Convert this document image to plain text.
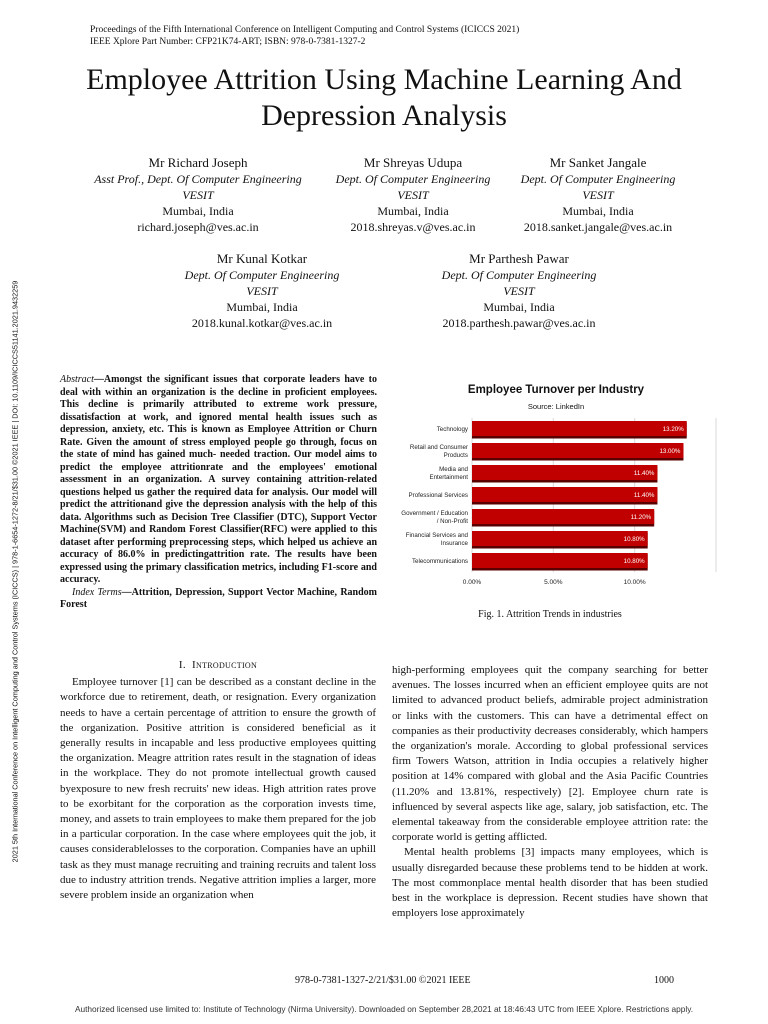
Proceedings of the Fifth International Conference on Intelligent Computing and Control Systems (ICICCS 2021)
IEEE Xplore Part Number: CFP21K74-ART; ISBN: 978-0-7381-1327-2
2021 5th International Conference on Intelligent Computing and Control Systems (ICICCS) | 978-1-6654-1272-8/21/$31.00 ©2021 IEEE | DOI: 10.1109/ICICCS51141.2021.9432259
Employee Attrition Using Machine Learning And
Depression Analysis
Mr Richard Joseph
Asst Prof., Dept. Of Computer Engineering
VESIT
Mumbai, India
richard.joseph@ves.ac.in
Mr Shreyas Udupa
Dept. Of Computer Engineering
VESIT
Mumbai, India
2018.shreyas.v@ves.ac.in
Mr Sanket Jangale
Dept. Of Computer Engineering
VESIT
Mumbai, India
2018.sanket.jangale@ves.ac.in
Mr Kunal Kotkar
Dept. Of Computer Engineering
VESIT
Mumbai, India
2018.kunal.kotkar@ves.ac.in
Mr Parthesh Pawar
Dept. Of Computer Engineering
VESIT
Mumbai, India
2018.parthesh.pawar@ves.ac.in
Abstract—Amongst the significant issues that corporate leaders have to deal with within an organization is the decline in proficient employees. This decline is primarily attributed to extreme work pressure, dissatisfaction at work, and ignored mental health issues such as depression, anxiety, etc. This is known as Employee Attrition or Churn Rate. Given the amount of stress employed people go through, focus on the state of mind has gained much- needed traction. Our model aims to predict the employee attritionrate and the employees' emotional assessment in an organization. A survey containing attrition-related questions helped us gather the required data for analysis. Our model will predict the attritionand give the depression analysis with the help of this data. Algorithms such as Decision Tree Classifier (DTC), Support Vector Machine(SVM) and Random Forest Classifier(RFC) were applied to this dataset after performing preprocessing steps, which helped us achieve an accuracy of 86.0% in predictingattrition rate. The results have been expressed using the primary classification metrics, including F1-score and accuracy.
Index Terms—Attrition, Depression, Support Vector Machine, Random Forest
Employee Turnover per Industry
Source: LinkedIn
0.00%	5.00%	10.00%
13.20%
Technology
13.00%
Retail and Consumer Products
11.40%
Media and Entertainment
11.40%
Professional Services
11.20%
Government / Education / Non-Profit
10.80%
Financial Services and Insurance
10.80%
Telecommunications
Fig. 1. Attrition Trends in industries
I. Introduction

Employee turnover [1] can be described as a constant decline in the workforce due to retirement, death, or resignation. Every organization needs to have a certain percentage of attrition to ensure the growth of the organization. Positive attrition is considered beneficial as it generally results in incapable and less productive employees quitting the organization. Meagre attrition rates result in the stagnation of ideas in the workplace. They do not promote intellectual growth caused byexposure to new fresh recruits' new ideas. High attrition rates prove to be exorbitant for the corporation as the corporation invests time, money, and assets to train employees to make them prepared for the job in a particular corporation. In the case where employees quit the job, it causes considerablelosses to the corporation. Companies have an uphill task as they must manage recruiting and training recruits and talent loss due to industry attrition trends. Negative attrition implies a larger, more severe problem inside an organization when

high-performing employees quit the company searching for better avenues. The losses incurred when an efficient employee quits are not limited to advanced product beliefs, admirable project administration or links with the customers. This can have a detrimental effect on companies as their productivity decreases considerably, which hampers the organization's morale. According to global professional services firm Towers Watson, attrition in India occupies a relatively higher position at 14% compared with global and the Asia Pacific Countries (11.20% and 13.81%, respectively) [2]. Employee churn rate is influenced by several aspects like age, salary, job satisfaction, etc. The elemental takeaway from the considerable employee attrition rate: the corporate world is getting afflicted.

Mental health problems [3] impacts many employees, which is usually disregarded because these problems tend to be hidden at work. The most commonplace mental health disorder that has been studied best in the workplace is depression. Recent studies have shown that employers lose approximately

978-0-7381-1327-2/21/$31.00 ©2021 IEEE	1000
Authorized licensed use limited to: Institute of Technology (Nirma University). Downloaded on September 28,2021 at 18:46:43 UTC from IEEE Xplore. Restrictions apply.
